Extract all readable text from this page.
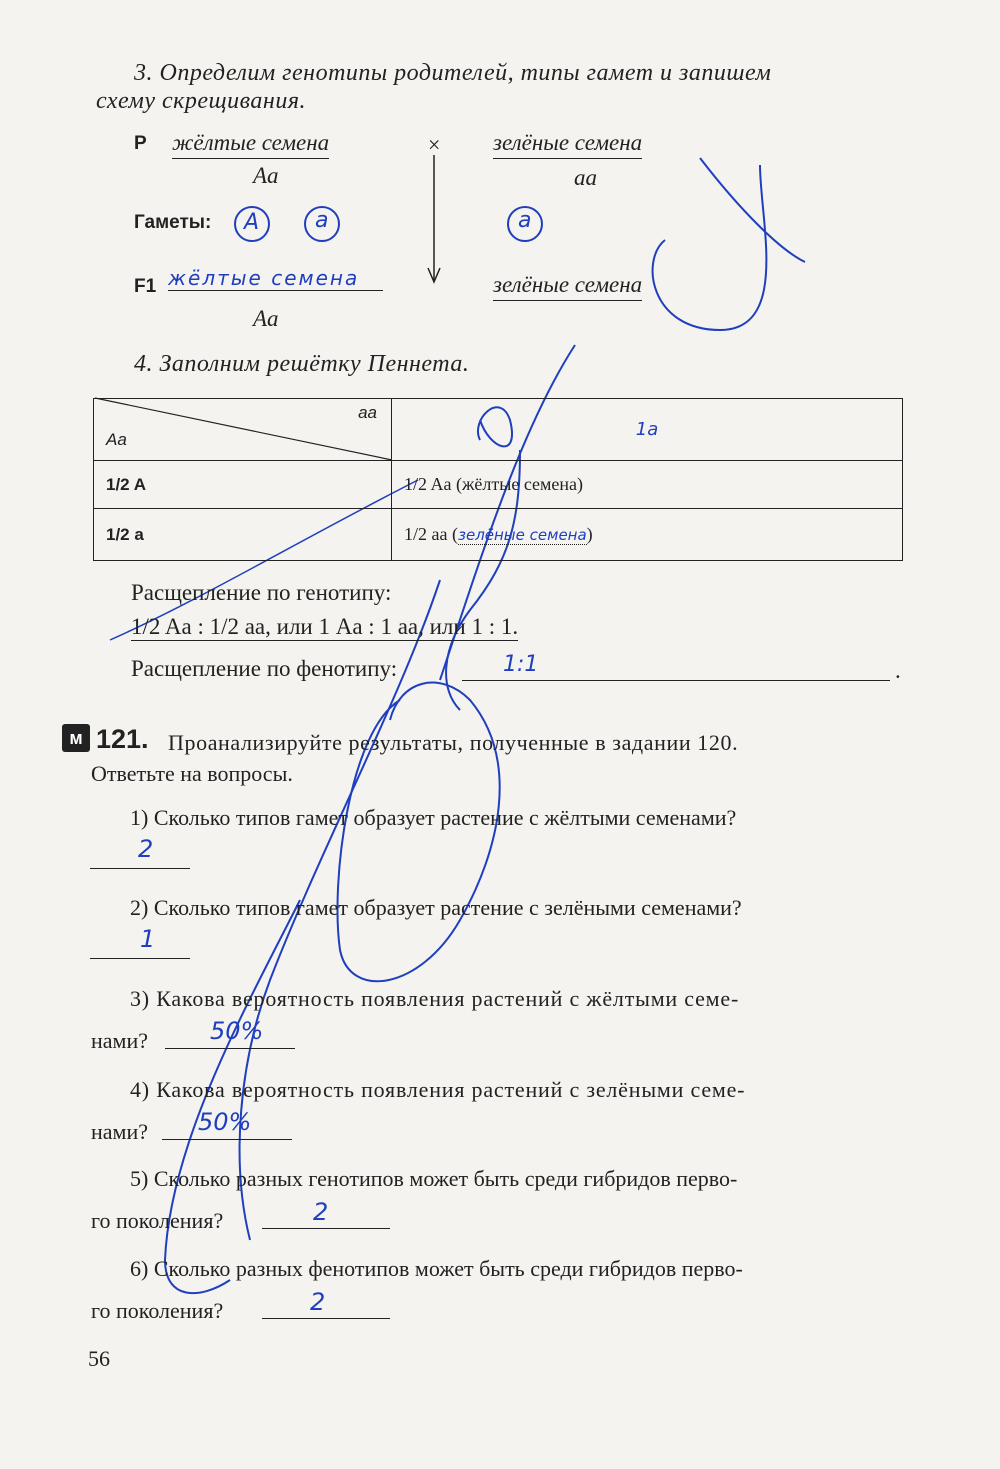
3. Определим генотипы родителей, типы гамет и запишем
схему скрещивания.
P жёлтые семена	× зелёные семена
Aa	aa
Гаметы: A	a	a
F1 жёлтые семена
Aa
зелёные семена
4. Заполним решётку Пеннета.
Aa
aa	1a
1/2 A	1/2 Aa (жёлтые семена)
1/2 a	1/2 aa (зелёные семена)
Расщепление по генотипу:
1/2 Aa : 1/2 aa, или 1 Aa : 1 aa, или 1 : 1.
Расщепление по фенотипу:	1:1	.
м 121. Проанализируйте результаты, полученные в задании 120.
Ответьте на вопросы.
1) Сколько типов гамет образует растение с жёлтыми семенами?
2
2) Сколько типов гамет образует растение с зелёными семенами?
1
3) Какова вероятность появления растений с жёлтыми семе-
нами?	50%
4) Какова вероятность появления растений с зелёными семе-
нами? 50%
5) Сколько разных генотипов может быть среди гибридов перво-
го поколения?	2
6) Сколько разных фенотипов может быть среди гибридов перво-
го поколения?	2
56
